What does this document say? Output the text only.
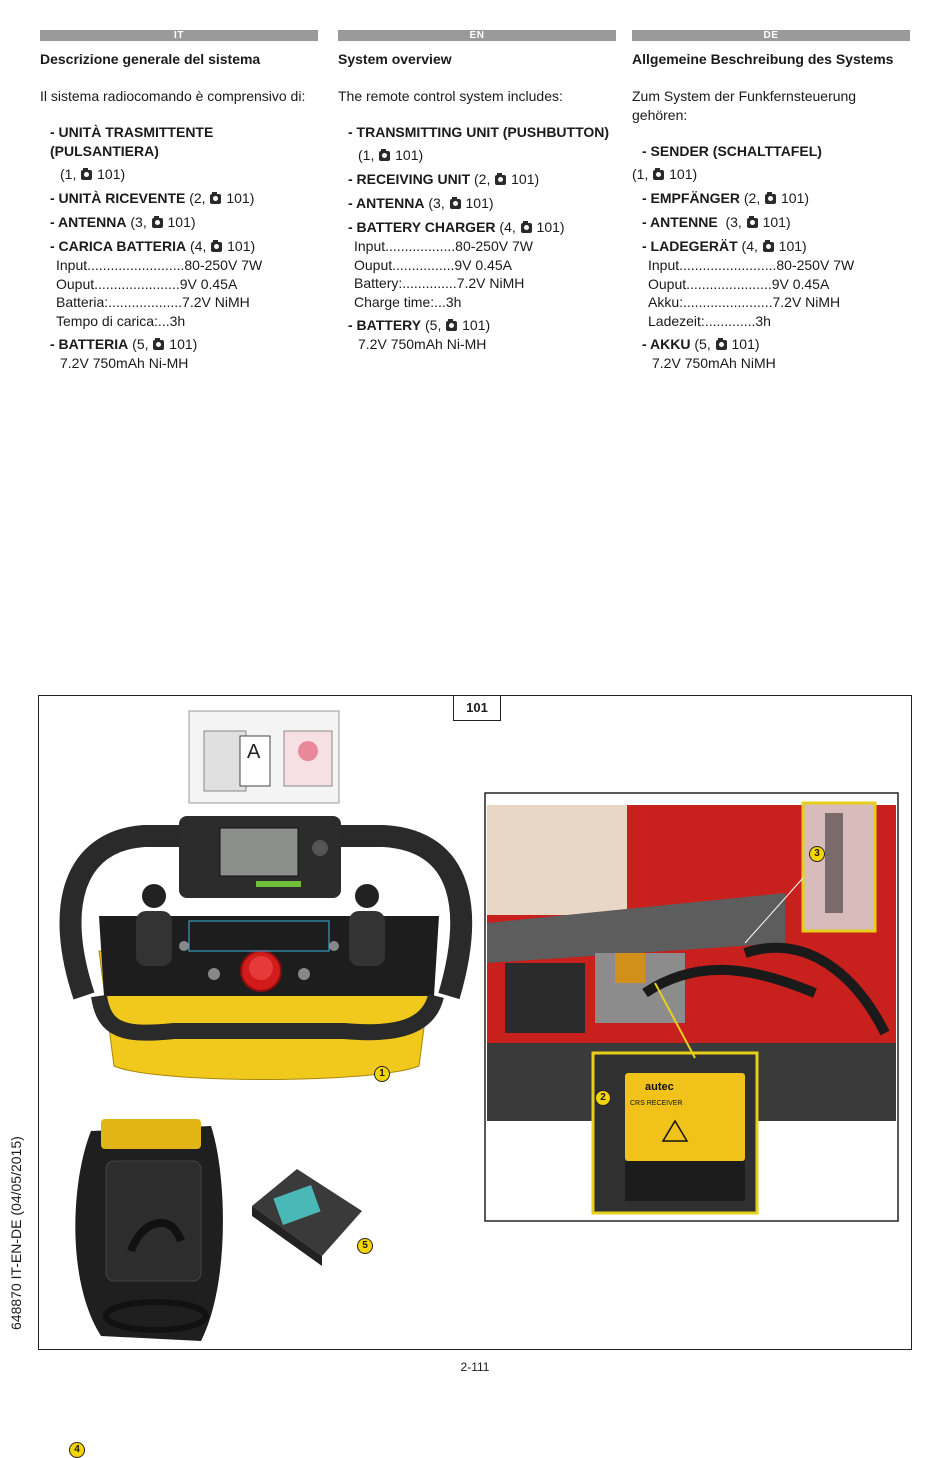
IT
Descrizione generale del sistema
Il sistema radiocomando è comprensivo di:
- UNITÀ TRASMITTENTE (PULSANTIERA)
(1,  101)
- UNITÀ RICEVENTE (2,  101)
- ANTENNA (3,  101)
- CARICA BATTERIA (4,  101)
Input.........................80-250V 7W
Ouput......................9V 0.45A
Batteria:...................7.2V NiMH
Tempo di carica:...3h
- BATTERIA (5,  101)
7.2V 750mAh Ni-MH
EN
System overview
The remote control system includes:
- TRANSMITTING UNIT (PUSHBUTTON)
(1,  101)
- RECEIVING UNIT (2,  101)
- ANTENNA (3,  101)
- BATTERY CHARGER (4,  101)
Input..................80-250V 7W
Ouput................9V 0.45A
Battery:..............7.2V NiMH
Charge time:...3h
- BATTERY (5,  101)
7.2V 750mAh Ni-MH
DE
Allgemeine Beschreibung des Systems
Zum System der Funkfernsteuerung gehören:
- SENDER (SCHALTTAFEL)
(1,  101)
- EMPFÄNGER (2,  101)
- ANTENNE  (3,  101)
- LADEGERÄT (4,  101)
Input.........................80-250V 7W
Ouput......................9V 0.45A
Akku:.......................7.2V NiMH
Ladezeit:.............3h
- AKKU (5,  101)
7.2V 750mAh NiMH
101
A
1
4
5
autec
CRS RECEIVER
3
2
648870 IT-EN-DE (04/05/2015)
2-111
